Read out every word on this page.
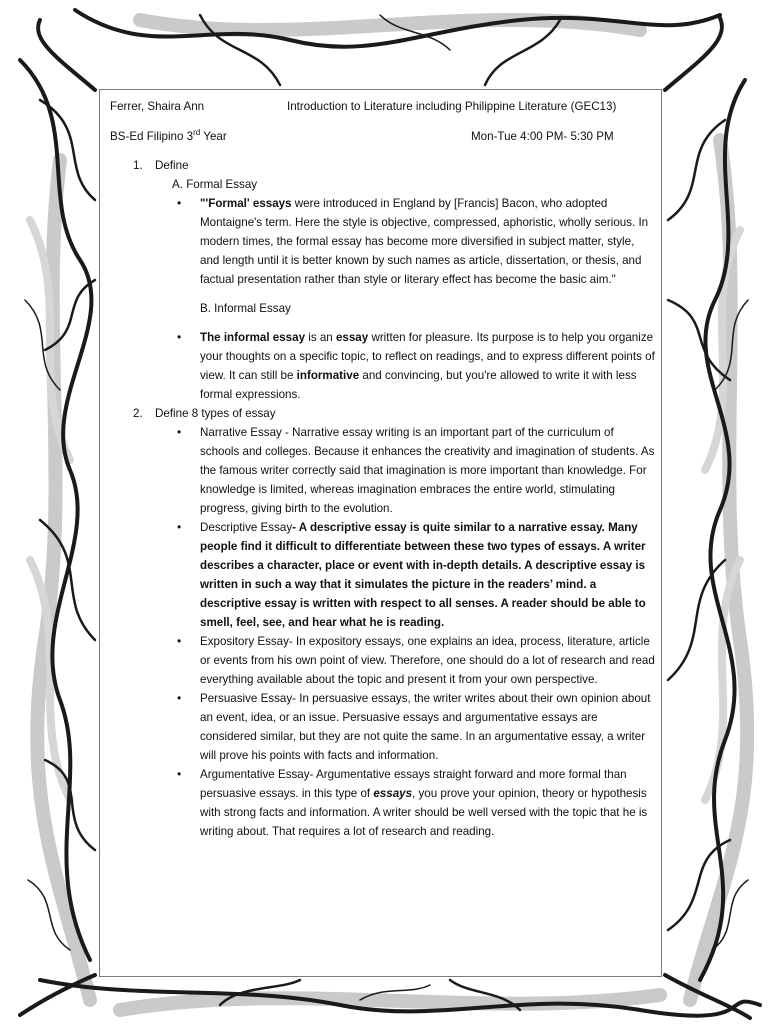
Ferrer, Shaira Ann	Introduction to Literature including Philippine Literature (GEC13)
BS-Ed Filipino 3rd Year	Mon-Tue 4:00 PM- 5:30 PM
1. Define
A. Formal Essay
• "'Formal' essays were introduced in England by [Francis] Bacon, who adopted Montaigne's term. Here the style is objective, compressed, aphoristic, wholly serious. In modern times, the formal essay has become more diversified in subject matter, style, and length until it is better known by such names as article, dissertation, or thesis, and factual presentation rather than style or literary effect has become the basic aim."
B. Informal Essay
• The informal essay is an essay written for pleasure. Its purpose is to help you organize your thoughts on a specific topic, to reflect on readings, and to express different points of view. It can still be informative and convincing, but you're allowed to write it with less formal expressions.
2. Define 8 types of essay
• Narrative Essay - Narrative essay writing is an important part of the curriculum of schools and colleges. Because it enhances the creativity and imagination of students. As the famous writer correctly said that imagination is more important than knowledge. For knowledge is limited, whereas imagination embraces the entire world, stimulating progress, giving birth to the evolution.
• Descriptive Essay- A descriptive essay is quite similar to a narrative essay. Many people find it difficult to differentiate between these two types of essays. A writer describes a character, place or event with in-depth details. A descriptive essay is written in such a way that it simulates the picture in the readers’ mind. a descriptive essay is written with respect to all senses. A reader should be able to smell, feel, see, and hear what he is reading.
• Expository Essay- In expository essays, one explains an idea, process, literature, article or events from his own point of view. Therefore, one should do a lot of research and read everything available about the topic and present it from your own perspective.
• Persuasive Essay- In persuasive essays, the writer writes about their own opinion about an event, idea, or an issue. Persuasive essays and argumentative essays are considered similar, but they are not quite the same. In an argumentative essay, a writer will prove his points with facts and information.
• Argumentative Essay- Argumentative essays straight forward and more formal than persuasive essays. in this type of essays, you prove your opinion, theory or hypothesis with strong facts and information. A writer should be well versed with the topic that he is writing about. That requires a lot of research and reading.
